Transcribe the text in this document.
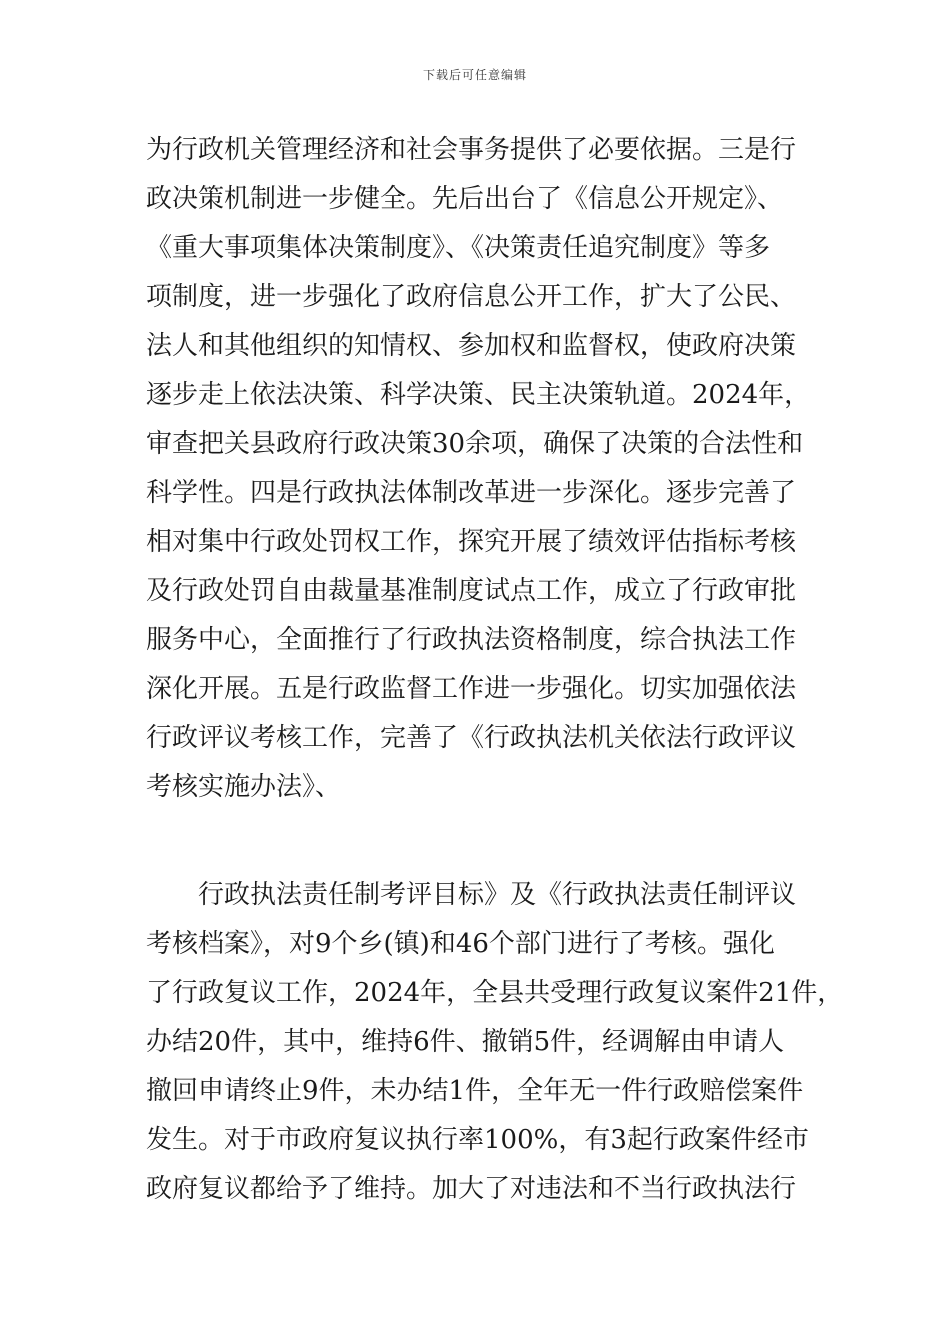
下载后可任意编辑
为行政机关管理经济和社会事务提供了必要依据。三是行
政决策机制进一步健全。先后出台了《信息公开规定》、
《重大事项集体决策制度》、《决策责任追究制度》等多
项制度，进一步强化了政府信息公开工作，扩大了公民、
法人和其他组织的知情权、参加权和监督权，使政府决策
逐步走上依法决策、科学决策、民主决策轨道。2024年，
审查把关县政府行政决策30余项，确保了决策的合法性和
科学性。四是行政执法体制改革进一步深化。逐步完善了
相对集中行政处罚权工作，探究开展了绩效评估指标考核
及行政处罚自由裁量基准制度试点工作，成立了行政审批
服务中心，全面推行了行政执法资格制度，综合执法工作
深化开展。五是行政监督工作进一步强化。切实加强依法
行政评议考核工作，完善了《行政执法机关依法行政评议
考核实施办法》、
　　行政执法责任制考评目标》及《行政执法责任制评议
考核档案》，对9个乡(镇)和46个部门进行了考核。强化
了行政复议工作，2024年，全县共受理行政复议案件21件，
办结20件，其中，维持6件、撤销5件，经调解由申请人
撤回申请终止9件，未办结1件，全年无一件行政赔偿案件
发生。对于市政府复议执行率100%，有3起行政案件经市
政府复议都给予了维持。加大了对违法和不当行政执法行
